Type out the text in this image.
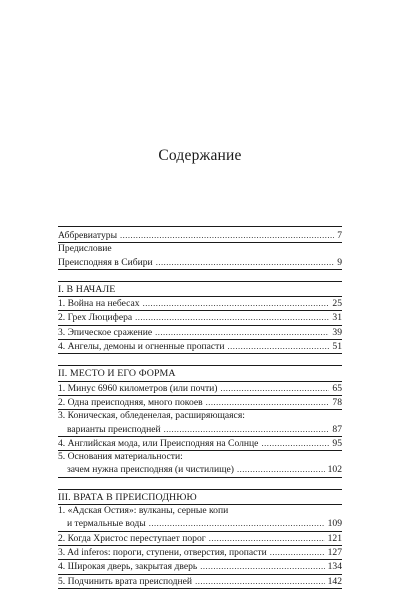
Содержание
Аббревиатуры .....	7
Предисловие
Преисподняя в Сибири .....	9
I. В НАЧАЛЕ
1. Война на небесах .....	25
2. Грех Люцифера .....	31
3. Эпическое сражение .....	39
4. Ангелы, демоны и огненные пропасти .....	51
II. МЕСТО И ЕГО ФОРМА
1. Минус 6960 километров (или почти) .....	65
2. Одна преисподняя, много покоев .....	78
3. Коническая, обледенелая, расширяющаяся:
варианты преисподней .....	87
4. Английская мода, или Преисподняя на Солнце .....	95
5. Основания материальности:
зачем нужна преисподняя (и чистилище) .....	102
III. ВРАТА В ПРЕИСПОДНЮЮ
1. «Адская Остия»: вулканы, серные копи
и термальные воды .....	109
2. Когда Христос переступает порог .....	121
3. Ad inferos: пороги, ступени, отверстия, пропасти .....	127
4. Широкая дверь, закрытая дверь .....	134
5. Подчинить врата преисподней .....	142
